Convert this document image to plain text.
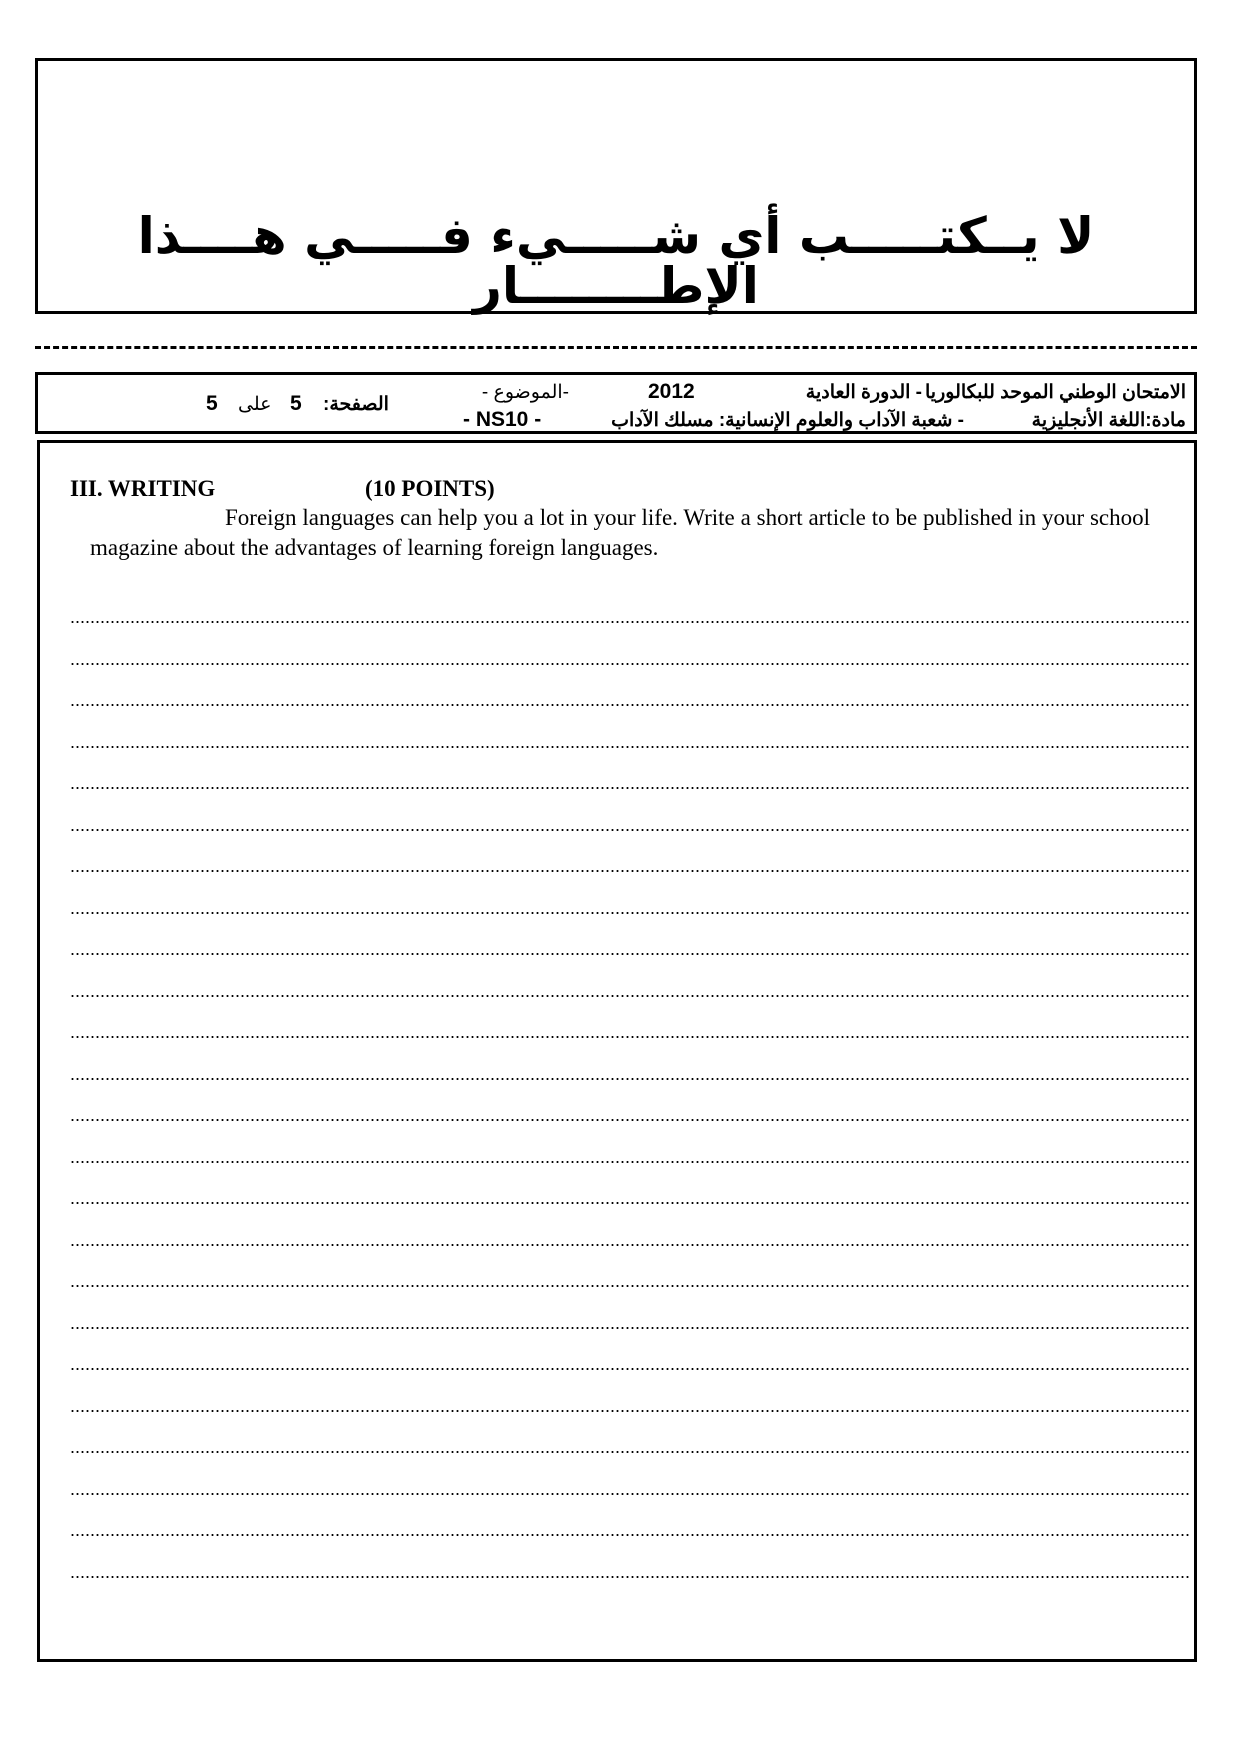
لا يــكتـــــب أي شـــــيء فـــــي هــــذا الإطــــــــار
الامتحان الوطني الموحد للبكالوريا
- الدورة العادية
2012
-الموضوع -
مادة:اللغة الأنجليزية
- شعبة الآداب والعلوم الإنسانية: مسلك الآداب
- NS10 -
الصفحة:
5
على
5
III. WRITING	(10 POINTS)
Foreign languages can help you a lot in your life. Write a short article to be published in your school magazine about the advantages of learning foreign languages.
